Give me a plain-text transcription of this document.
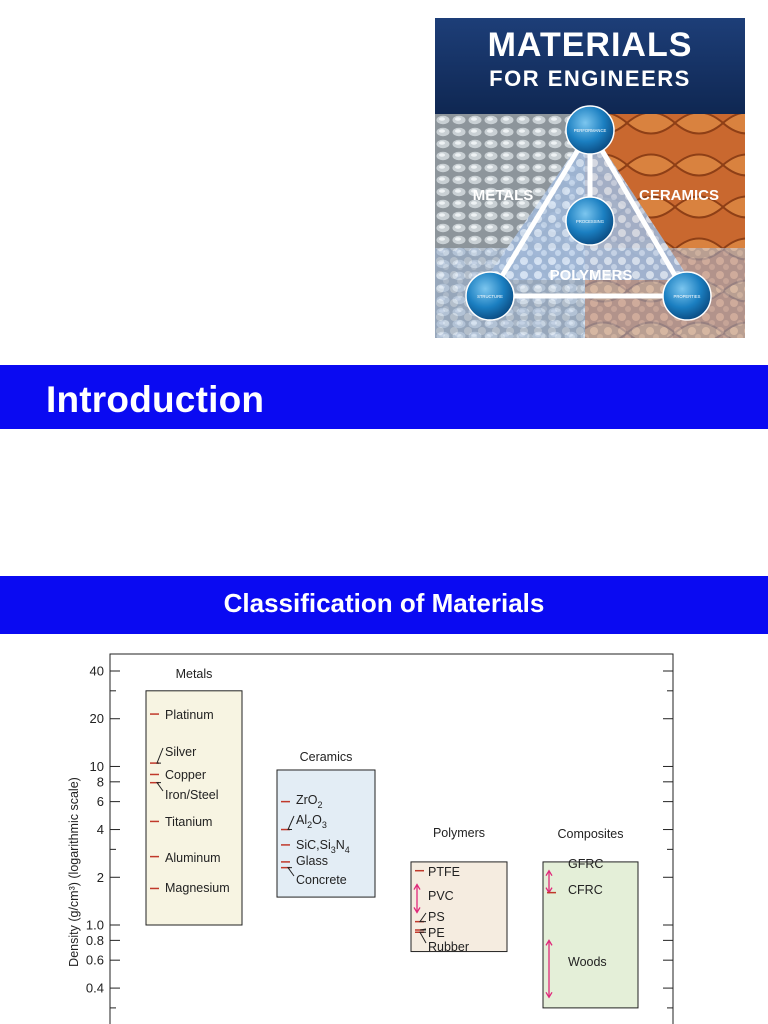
MATERIALS
FOR ENGINEERS
METALS	CERAMICS
POLYMERS
PERFORMANCE
PROCESSING
STRUCTURE	PROPERTIES
Introduction
Classification of Materials
40
20
10
8
6
4
2
1.0
0.8
0.6
0.4
Metals
Platinum
Silver
Copper
Iron/Steel
Titanium
Aluminum
Magnesium
Ceramics
ZrO$_2$
$Al_2O_3$
$SiC,Si_3N_4$
Glass
Concrete
Polymers
PTFE
PVC
PS
PE
Rubber
Composites
GFRC
CFRC
Woods
Density (g/cm³) (logarithmic scale)
